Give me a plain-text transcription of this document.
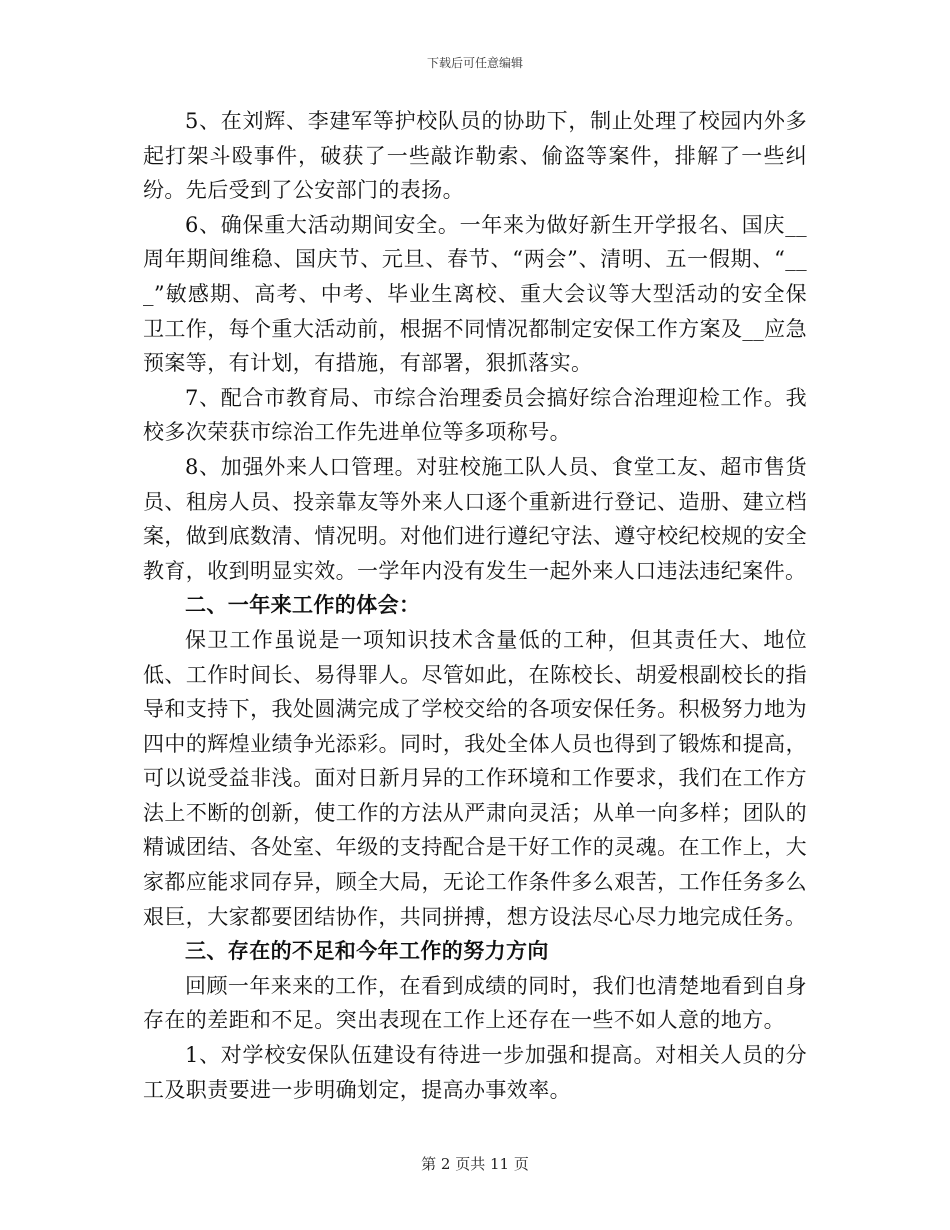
下载后可任意编辑

5、在刘辉、李建军等护校队员的协助下，制止处理了校园内外多起打架斗殴事件，破获了一些敲诈勒索、偷盗等案件，排解了一些纠纷。先后受到了公安部门的表扬。

6、确保重大活动期间安全。一年来为做好新生开学报名、国庆__周年期间维稳、国庆节、元旦、春节、“两会”、清明、五一假期、“___”敏感期、高考、中考、毕业生离校、重大会议等大型活动的安全保卫工作，每个重大活动前，根据不同情况都制定安保工作方案及__应急预案等，有计划，有措施，有部署，狠抓落实。

7、配合市教育局、市综合治理委员会搞好综合治理迎检工作。我校多次荣获市综治工作先进单位等多项称号。

8、加强外来人口管理。对驻校施工队人员、食堂工友、超市售货员、租房人员、投亲靠友等外来人口逐个重新进行登记、造册、建立档案，做到底数清、情况明。对他们进行遵纪守法、遵守校纪校规的安全教育，收到明显实效。一学年内没有发生一起外来人口违法违纪案件。

二、一年来工作的体会：

保卫工作虽说是一项知识技术含量低的工种，但其责任大、地位低、工作时间长、易得罪人。尽管如此，在陈校长、胡爱根副校长的指导和支持下，我处圆满完成了学校交给的各项安保任务。积极努力地为四中的辉煌业绩争光添彩。同时，我处全体人员也得到了锻炼和提高，可以说受益非浅。面对日新月异的工作环境和工作要求，我们在工作方法上不断的创新，使工作的方法从严肃向灵活；从单一向多样；团队的精诚团结、各处室、年级的支持配合是干好工作的灵魂。在工作上，大家都应能求同存异，顾全大局，无论工作条件多么艰苦，工作任务多么艰巨，大家都要团结协作，共同拼搏，想方设法尽心尽力地完成任务。

三、存在的不足和今年工作的努力方向

回顾一年来来的工作，在看到成绩的同时，我们也清楚地看到自身存在的差距和不足。突出表现在工作上还存在一些不如人意的地方。

1、对学校安保队伍建设有待进一步加强和提高。对相关人员的分工及职责要进一步明确划定，提高办事效率。

第 2 页共 11 页
